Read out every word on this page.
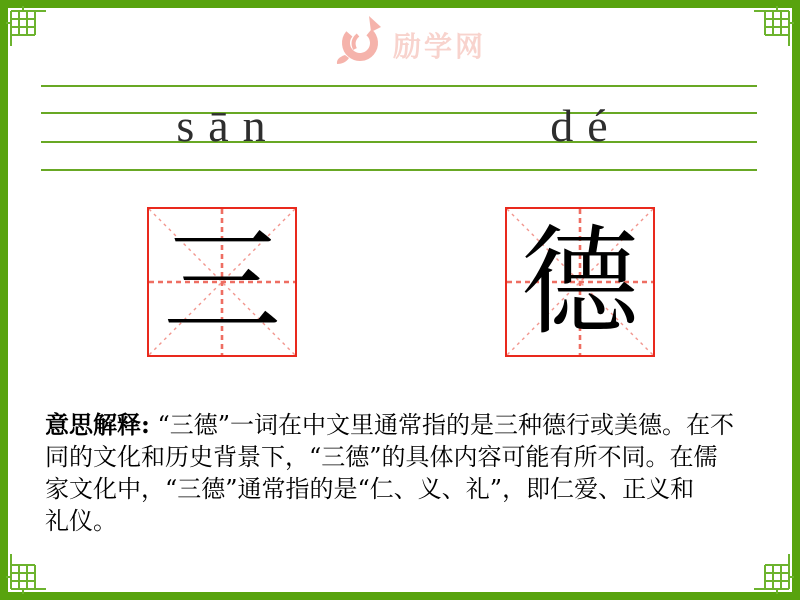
励学网
sān	dé
三 德
意思解释: “三德”一词在中文里通常指的是三种德行或美德。在不
同的文化和历史背景下，“三德”的具体内容可能有所不同。在儒
家文化中，“三德”通常指的是“仁、义、礼”，即仁爱、正义和
礼仪。
